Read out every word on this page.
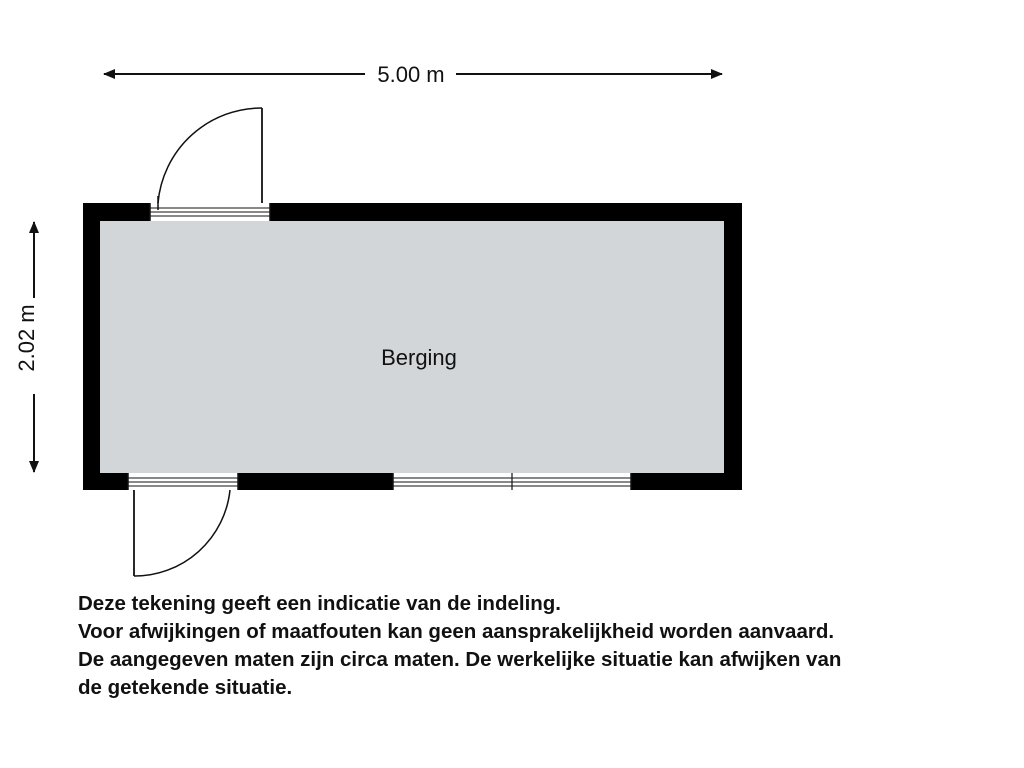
5.00 m
2.02 m	Berging
Deze tekening geeft een indicatie van de indeling.
Voor afwijkingen of maatfouten kan geen aansprakelijkheid worden aanvaard.
De aangegeven maten zijn circa maten. De werkelijke situatie kan afwijken van
de getekende situatie.
